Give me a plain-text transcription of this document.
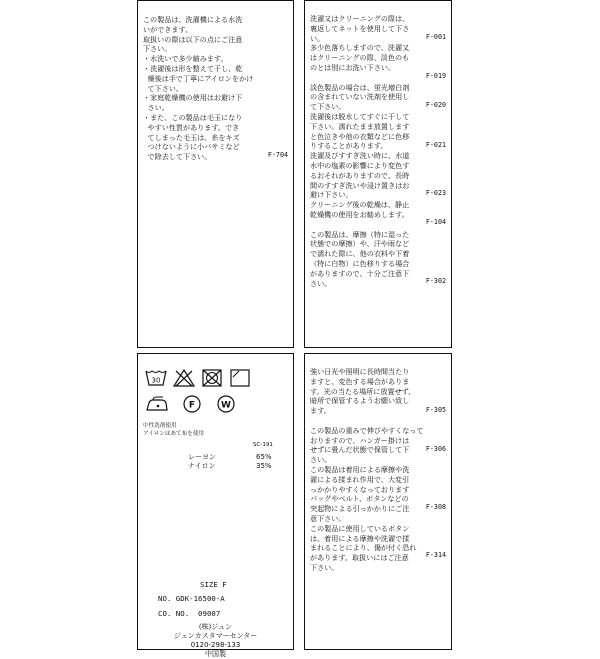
この製品は、洗濯機による水洗
いができます。
取扱いの際は以下の点にご注意
下さい。
・水洗いで多少縮みます。
・洗濯後は形を整えて干し、乾
燥後は手で丁寧にアイロンをかけ
て下さい。
・家庭乾燥機の使用はお避け下
さい。
・また、この製品は毛玉になり
やすい性質があります。でき
てしまった毛玉は、糸をキズ
つけないように小バサミなど
で除去して下さい。	F-704
洗濯又はクリーニングの際は、
裏返してネットを使用して下さ
い。
多少色落ちしますので、洗濯又
はクリーニングの際、淡色のも
のとは別にお洗い下さい。

淡色製品の場合は、蛍光増白剤
の含まれていない洗剤を使用し
て下さい。
洗濯後は脱水してすぐに干して
下さい。濡れたまま放置します
と色泣きや他の衣類などに色移
りすることがあります。
洗濯及びすすぎ洗い時に、水道
水中の塩素の影響により変色す
るおそれがありますので、長時
間のすすぎ洗いや浸け置きはお
避け下さい。
クリーニング後の乾燥は、静止
乾燥機の使用をお勧めします。

この製品は、摩擦（特に湿った
状態での摩擦）や、汗や雨など
で濡れた際に、他の衣料や下着
（特に白物）に色移りする場合
がありますので、十分ご注意下
さい。
F-001
F-019
F-020
F-021
F-023
F-104
F-302
30
F	W
中性洗剤使用
アイロンはあて布を使用
SC-191
レーヨン	65%
ナイロン	35%
SIZE F
NO. GDK-16500-A
CO. NO.  09007
(株)ジュン
ジュンカスタマーセンター
0120-298-133
中国製
強い日光や照明に長時間当たり
ますと、変色する場合がありま
す。光の当たる場所に放置せず、
暗所で保管するようお願い致し
ます。

この製品の重みで伸びやすくなって
おりますので、ハンガー掛けは
せずに畳んだ状態で保管して下
さい。
この製品は着用による摩擦や洗
濯による揉まれ作用で、大変引
っかかりやすくなっております
バッグやベルト、ボタンなどの
突起物による引っかかりにご注
意下さい。
この製品に使用しているボタン
は、着用による摩擦や洗濯で揉
まれることにより、傷が付く恐れ
があります。取扱いにはご注意
下さい。
F-305
F-306
F-308
F-314
